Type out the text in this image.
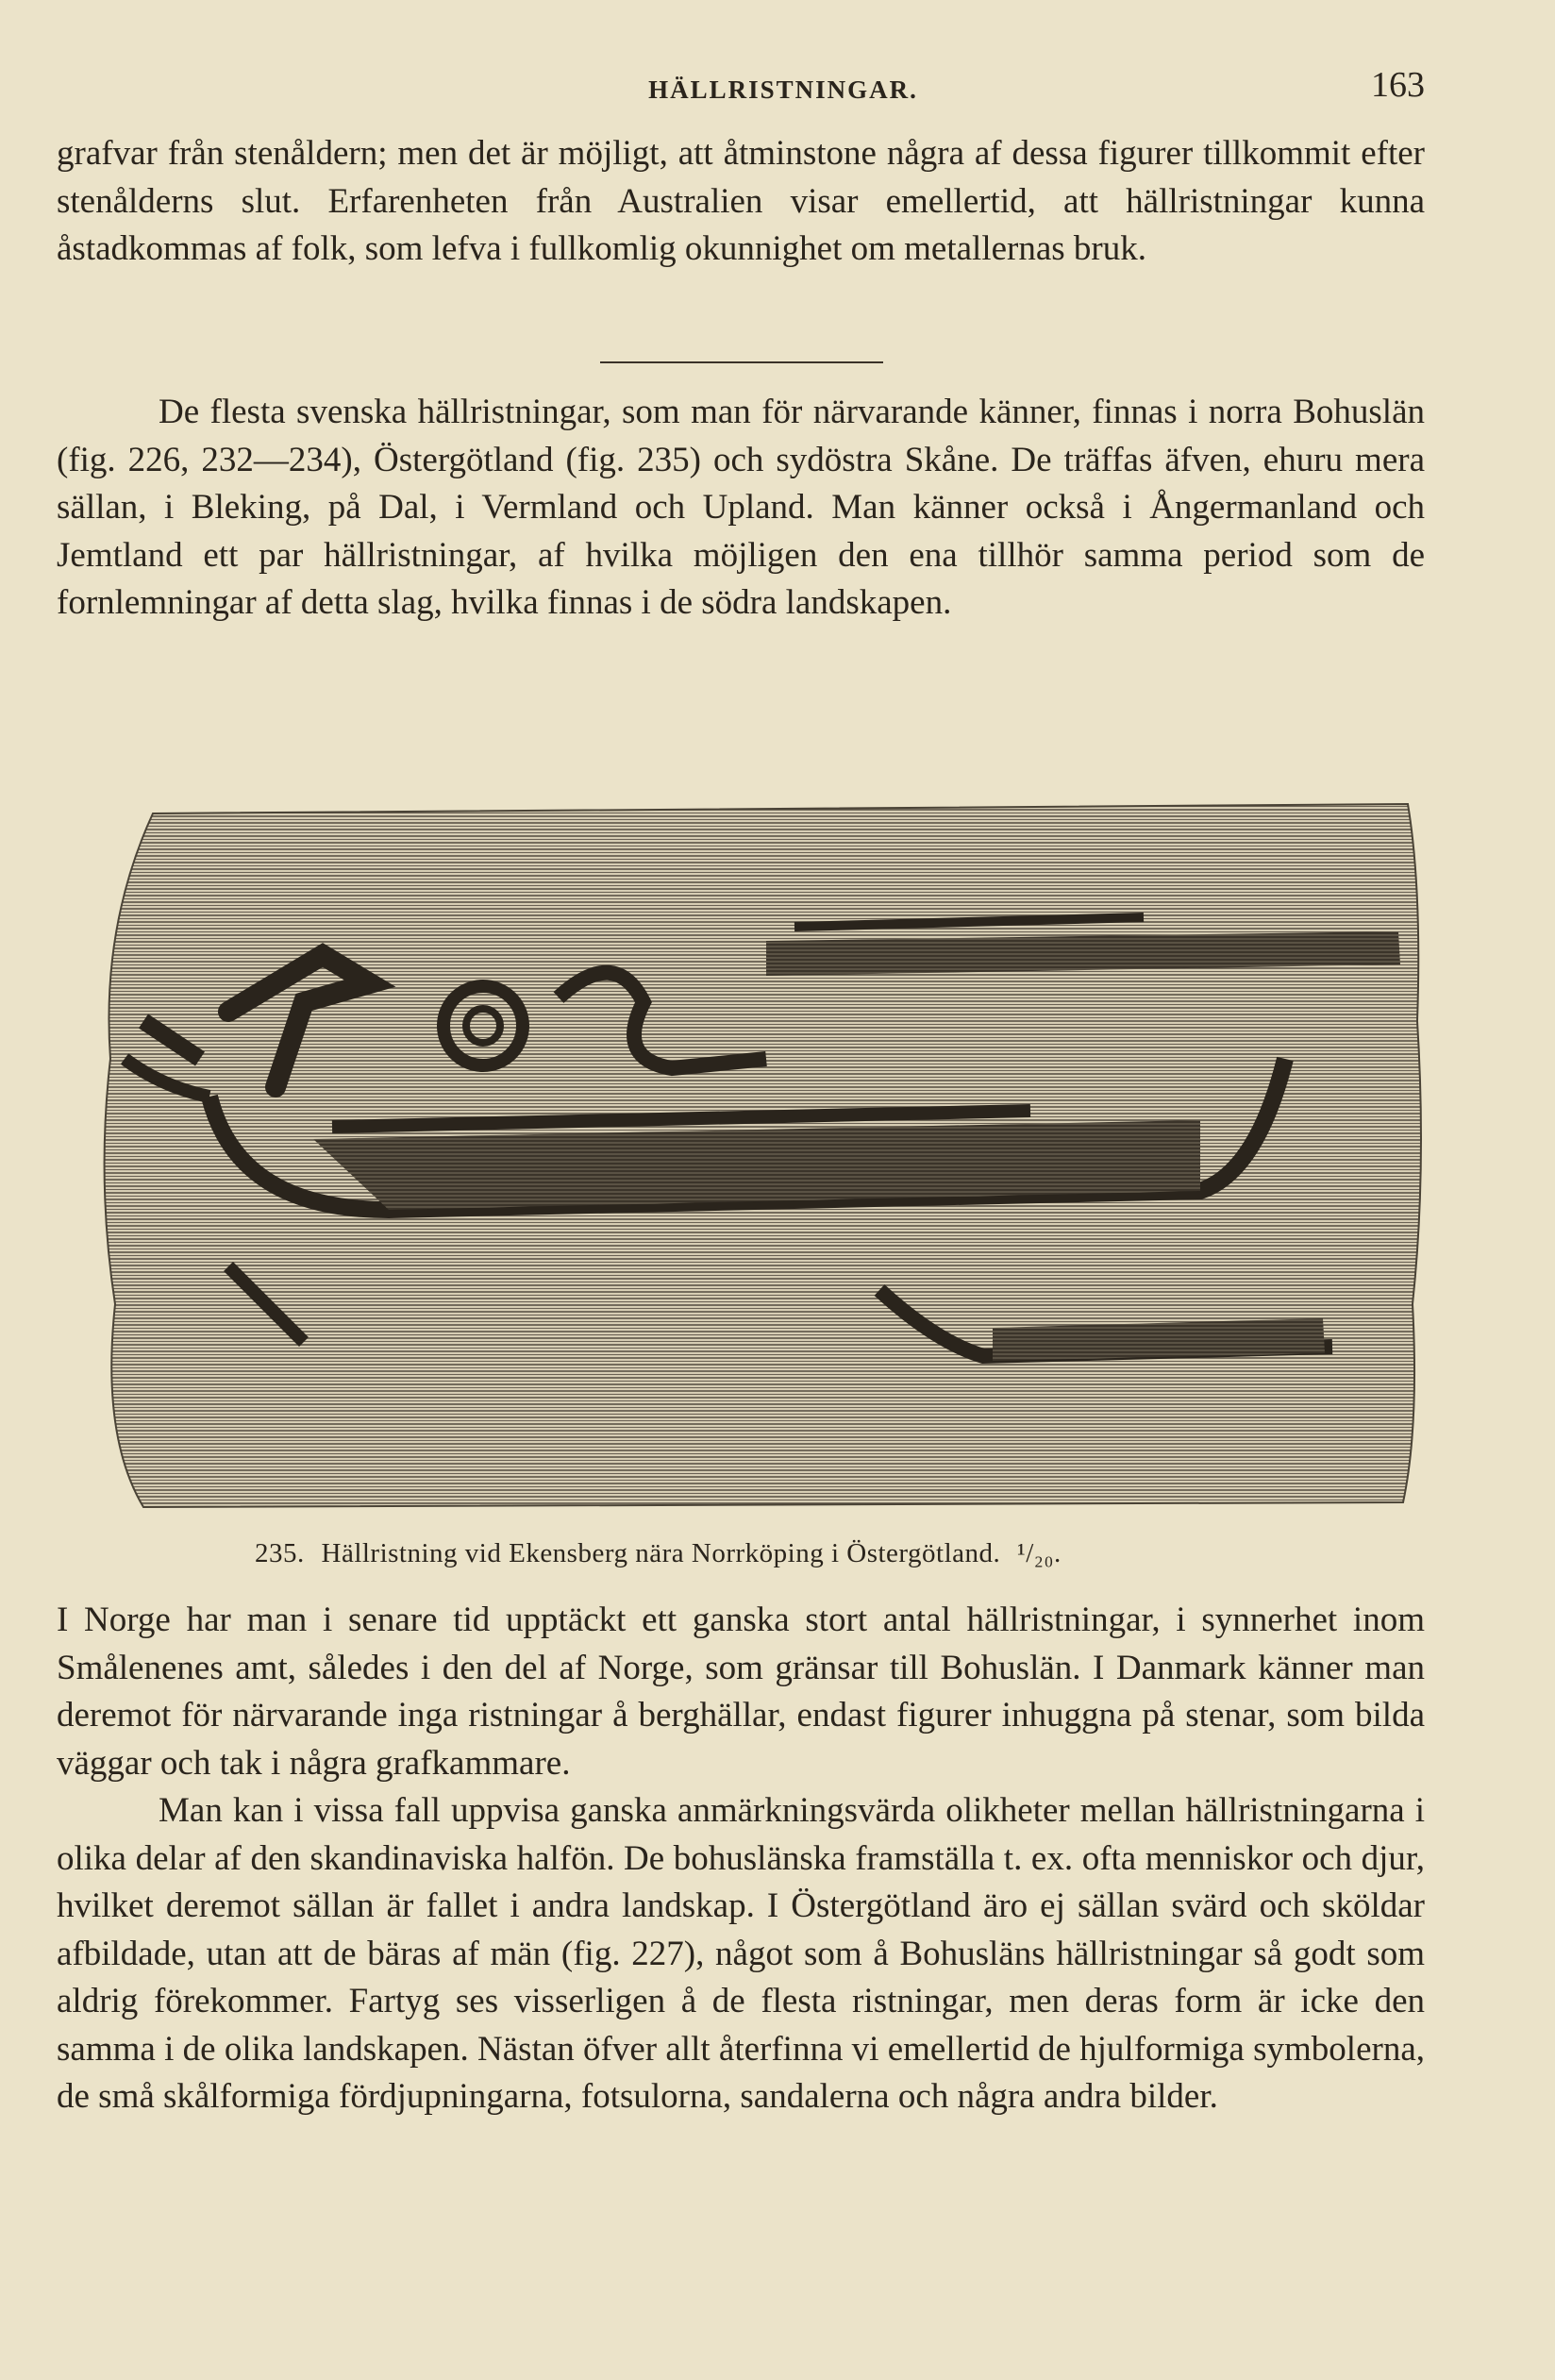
HÄLLRISTNINGAR.	163

grafvar från stenåldern; men det är möjligt, att åtminstone några af dessa figurer tillkommit efter stenålderns slut. Erfarenheten från Australien visar emellertid, att hällristningar kunna åstadkommas af folk, som lefva i fullkomlig okunnighet om metallernas bruk.

De flesta svenska hällristningar, som man för närvarande känner, finnas i norra Bohuslän (fig. 226, 232—234), Östergötland (fig. 235) och sydöstra Skåne. De träffas äfven, ehuru mera sällan, i Bleking, på Dal, i Vermland och Upland. Man känner också i Ångermanland och Jemtland ett par hällristningar, af hvilka möjligen den ena tillhör samma period som de fornlemningar af detta slag, hvilka finnas i de södra landskapen.

235. Hällristning vid Ekensberg nära Norrköping i Östergötland. ¹/₂₀.

I Norge har man i senare tid upptäckt ett ganska stort antal hällristningar, i synnerhet inom Smålenenes amt, således i den del af Norge, som gränsar till Bohuslän. I Danmark känner man deremot för närvarande inga ristningar å berghällar, endast figurer inhuggna på stenar, som bilda väggar och tak i några grafkammare.

Man kan i vissa fall uppvisa ganska anmärkningsvärda olikheter mellan hällristningarna i olika delar af den skandinaviska halfön. De bohuslänska framställa t. ex. ofta menniskor och djur, hvilket deremot sällan är fallet i andra landskap. I Östergötland äro ej sällan svärd och sköldar afbildade, utan att de bäras af män (fig. 227), något som å Bohusläns hällristningar så godt som aldrig förekommer. Fartyg ses visserligen å de flesta ristningar, men deras form är icke den samma i de olika landskapen. Nästan öfver allt återfinna vi emellertid de hjulformiga symbolerna, de små skålformiga fördjupningarna, fotsulorna, sandalerna och några andra bilder.
